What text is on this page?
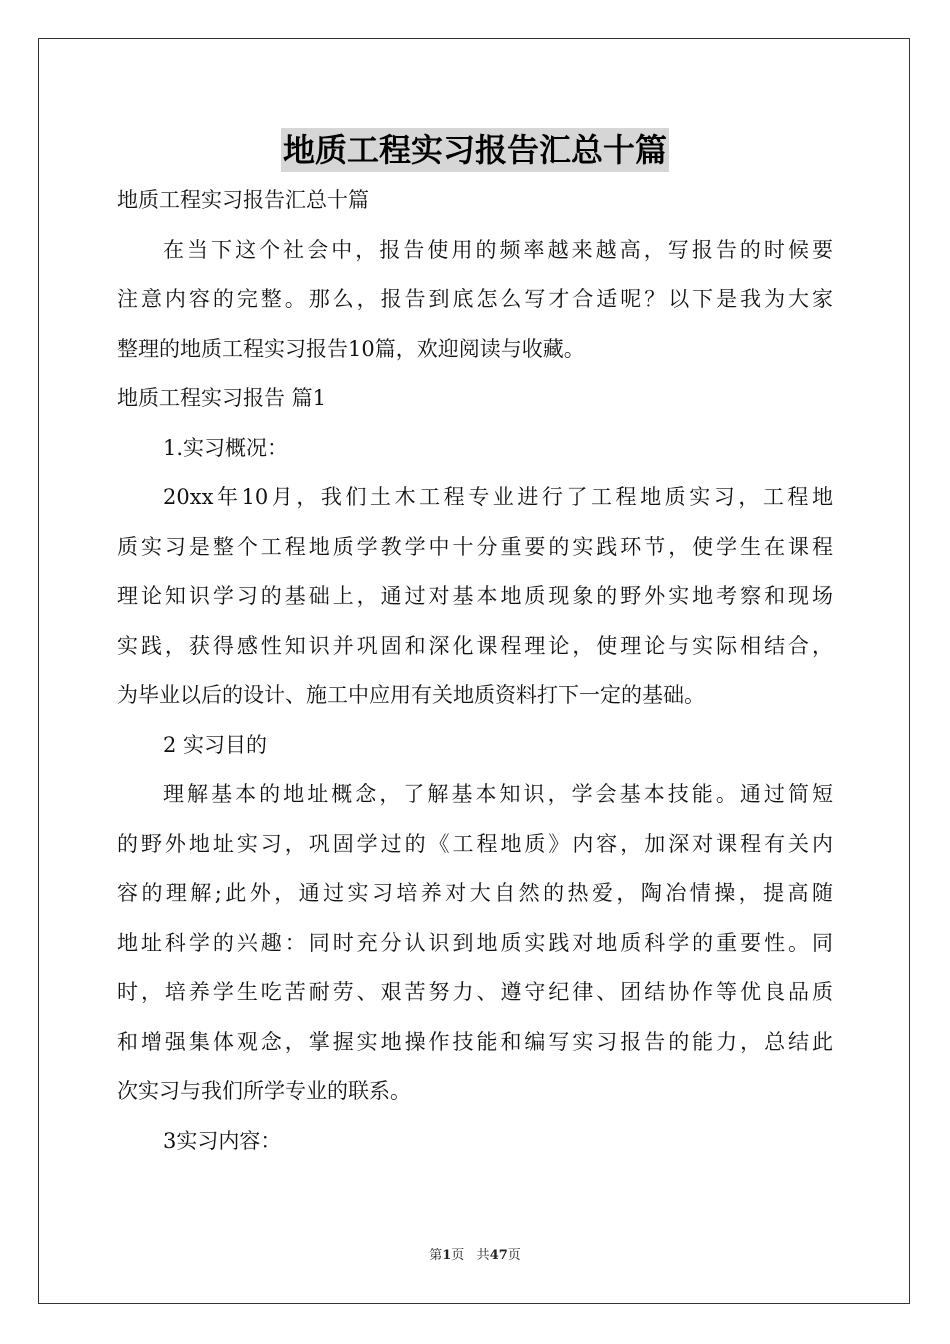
地质工程实习报告汇总十篇
地质工程实习报告汇总十篇
在当下这个社会中，报告使用的频率越来越高，写报告的时候要
注意内容的完整。那么，报告到底怎么写才合适呢？以下是我为大家
整理的地质工程实习报告10篇，欢迎阅读与收藏。
地质工程实习报告 篇1
1.实习概况：
20xx年10月，我们土木工程专业进行了工程地质实习，工程地
质实习是整个工程地质学教学中十分重要的实践环节，使学生在课程
理论知识学习的基础上，通过对基本地质现象的野外实地考察和现场
实践，获得感性知识并巩固和深化课程理论，使理论与实际相结合，
为毕业以后的设计、施工中应用有关地质资料打下一定的基础。
2 实习目的
理解基本的地址概念，了解基本知识，学会基本技能。通过简短
的野外地址实习，巩固学过的《工程地质》内容，加深对课程有关内
容的理解;此外，通过实习培养对大自然的热爱，陶冶情操，提高随
地址科学的兴趣：同时充分认识到地质实践对地质科学的重要性。同
时，培养学生吃苦耐劳、艰苦努力、遵守纪律、团结协作等优良品质
和增强集体观念，掌握实地操作技能和编写实习报告的能力，总结此
次实习与我们所学专业的联系。
3实习内容：
第1页 共47页
